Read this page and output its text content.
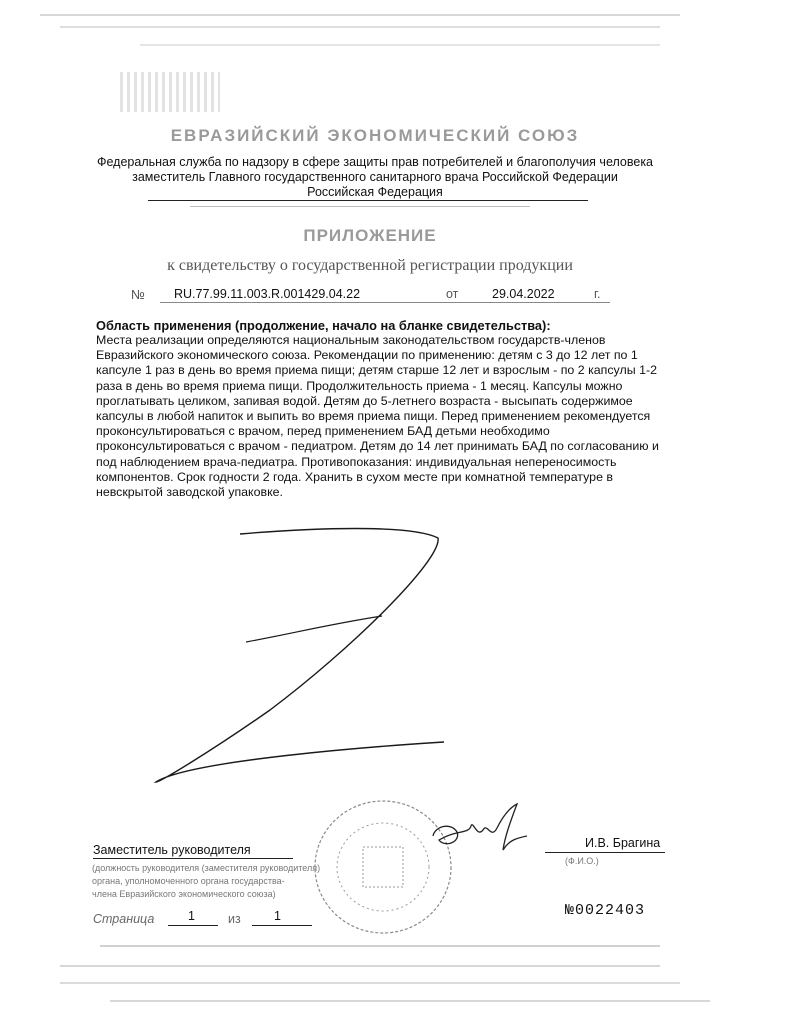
ЕВРАЗИЙСКИЙ ЭКОНОМИЧЕСКИЙ СОЮЗ
Федеральная служба по надзору в сфере защиты прав потребителей и благополучия человека
заместитель Главного государственного санитарного врача Российской Федерации
Российская Федерация
ПРИЛОЖЕНИЕ
к свидетельству о государственной регистрации продукции
№ RU.77.99.11.003.R.001429.04.22	от	29.04.2022	г.
Область применения (продолжение, начало на бланке свидетельства):
Места реализации определяются национальным законодательством государств-членов Евразийского экономического союза. Рекомендации по применению: детям с 3 до 12 лет по 1 капсуле 1 раз в день во время приема пищи; детям старше 12 лет и взрослым - по 2 капсулы 1-2 раза в день во время приема пищи. Продолжительность приема - 1 месяц. Капсулы можно проглатывать целиком, запивая водой. Детям до 5-летнего возраста - высыпать содержимое капсулы в любой напиток и выпить во время приема пищи. Перед применением рекомендуется проконсультироваться с врачом, перед применением БАД детьми необходимо проконсультироваться с врачом - педиатром. Детям до 14 лет принимать БАД по согласованию и под наблюдением врача-педиатра. Противопоказания: индивидуальная непереносимость компонентов. Срок годности 2 года. Хранить в сухом месте при комнатной температуре в невскрытой заводской упаковке.
Заместитель руководителя
(должность руководителя (заместителя руководителя)
органа, уполномоченного органа государства-
члена Евразийского экономического союза)
И.В. Брагина
(Ф.И.О.)
Страница	1	из	1	№0022403
